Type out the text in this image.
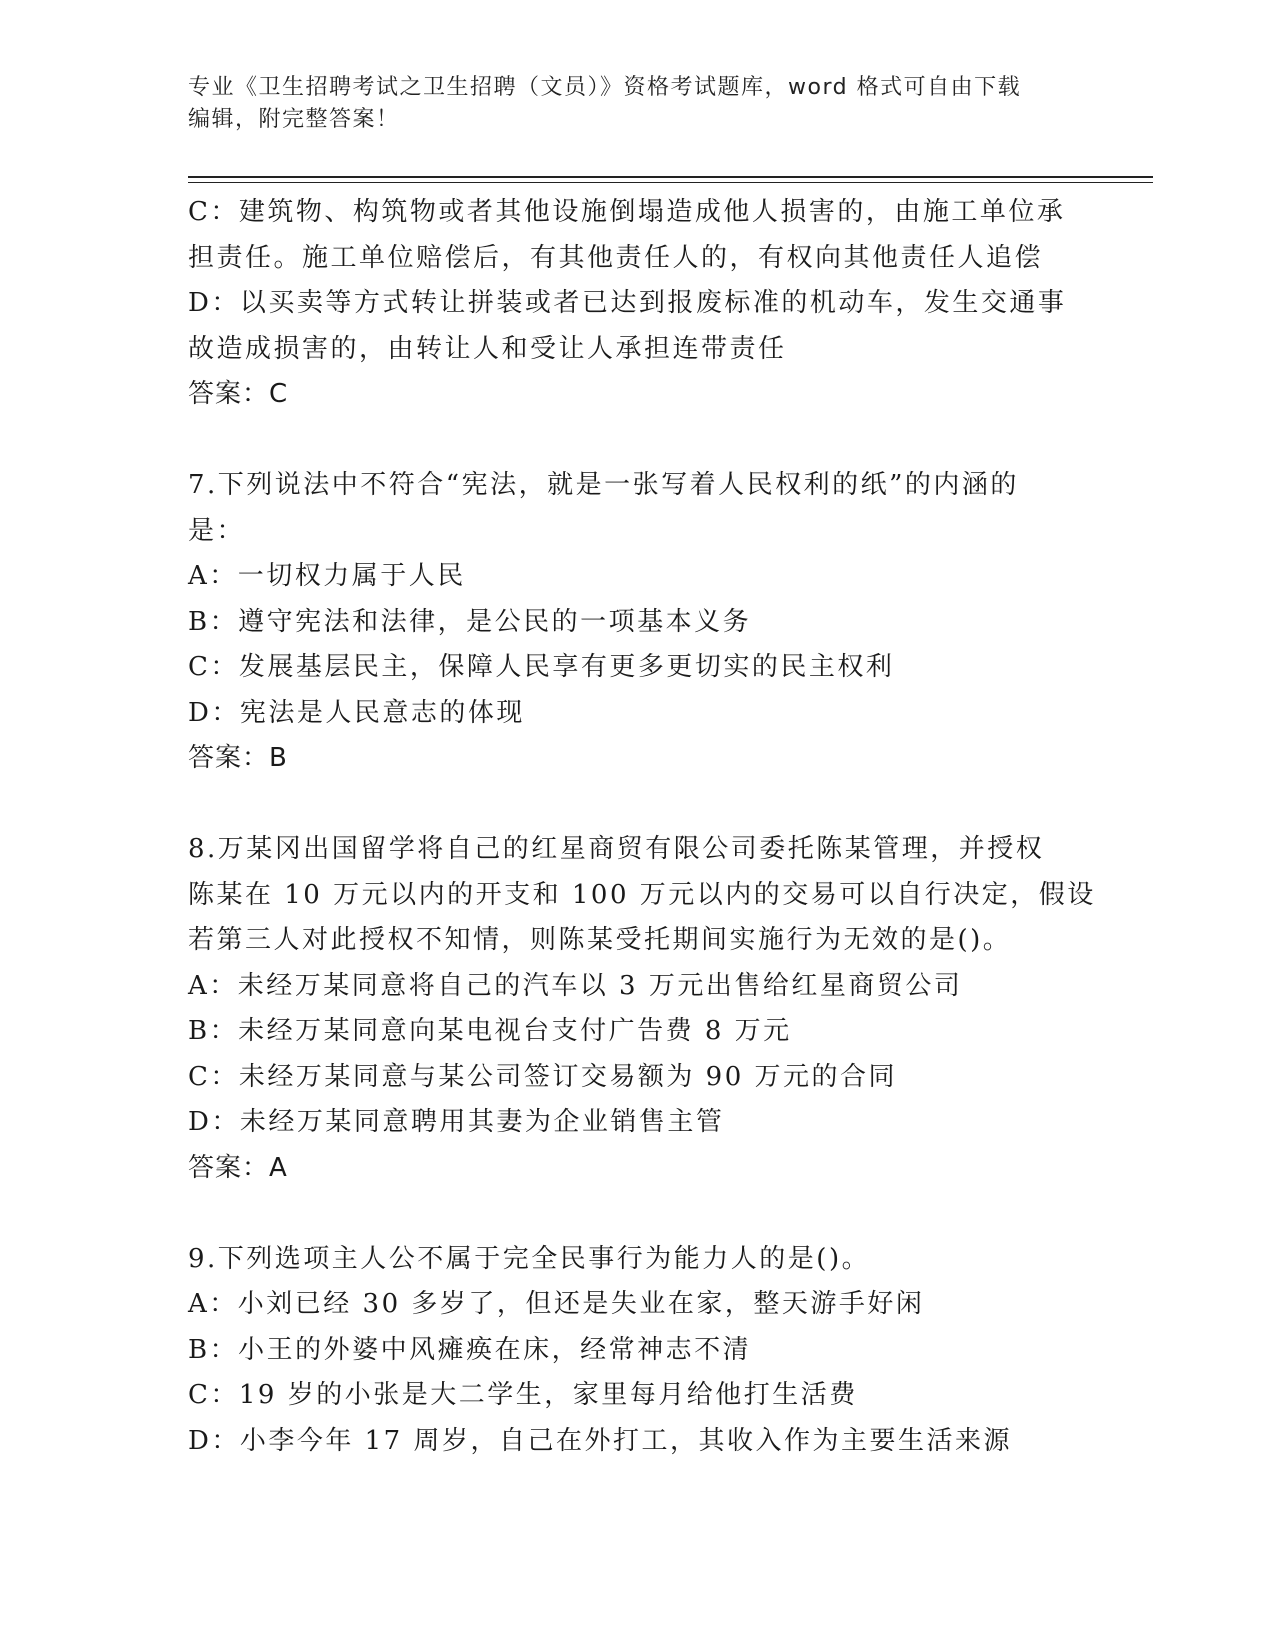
专业《卫生招聘考试之卫生招聘（文员）》资格考试题库，word 格式可自由下载
编辑，附完整答案！
C：建筑物、构筑物或者其他设施倒塌造成他人损害的，由施工单位承
担责任。施工单位赔偿后，有其他责任人的，有权向其他责任人追偿
D：以买卖等方式转让拼装或者已达到报废标准的机动车，发生交通事
故造成损害的，由转让人和受让人承担连带责任
答案：C
7.下列说法中不符合“宪法，就是一张写着人民权利的纸”的内涵的
是：
A：一切权力属于人民
B：遵守宪法和法律，是公民的一项基本义务
C：发展基层民主，保障人民享有更多更切实的民主权利
D：宪法是人民意志的体现
答案：B
8.万某冈出国留学将自己的红星商贸有限公司委托陈某管理，并授权
陈某在 10 万元以内的开支和 100 万元以内的交易可以自行决定，假设
若第三人对此授权不知情，则陈某受托期间实施行为无效的是()。
A：未经万某同意将自己的汽车以 3 万元出售给红星商贸公司
B：未经万某同意向某电视台支付广告费 8 万元
C：未经万某同意与某公司签订交易额为 90 万元的合同
D：未经万某同意聘用其妻为企业销售主管
答案：A
9.下列选项主人公不属于完全民事行为能力人的是()。
A：小刘已经 30 多岁了，但还是失业在家，整天游手好闲
B：小王的外婆中风瘫痪在床，经常神志不清
C：19 岁的小张是大二学生，家里每月给他打生活费
D：小李今年 17 周岁，自己在外打工，其收入作为主要生活来源
